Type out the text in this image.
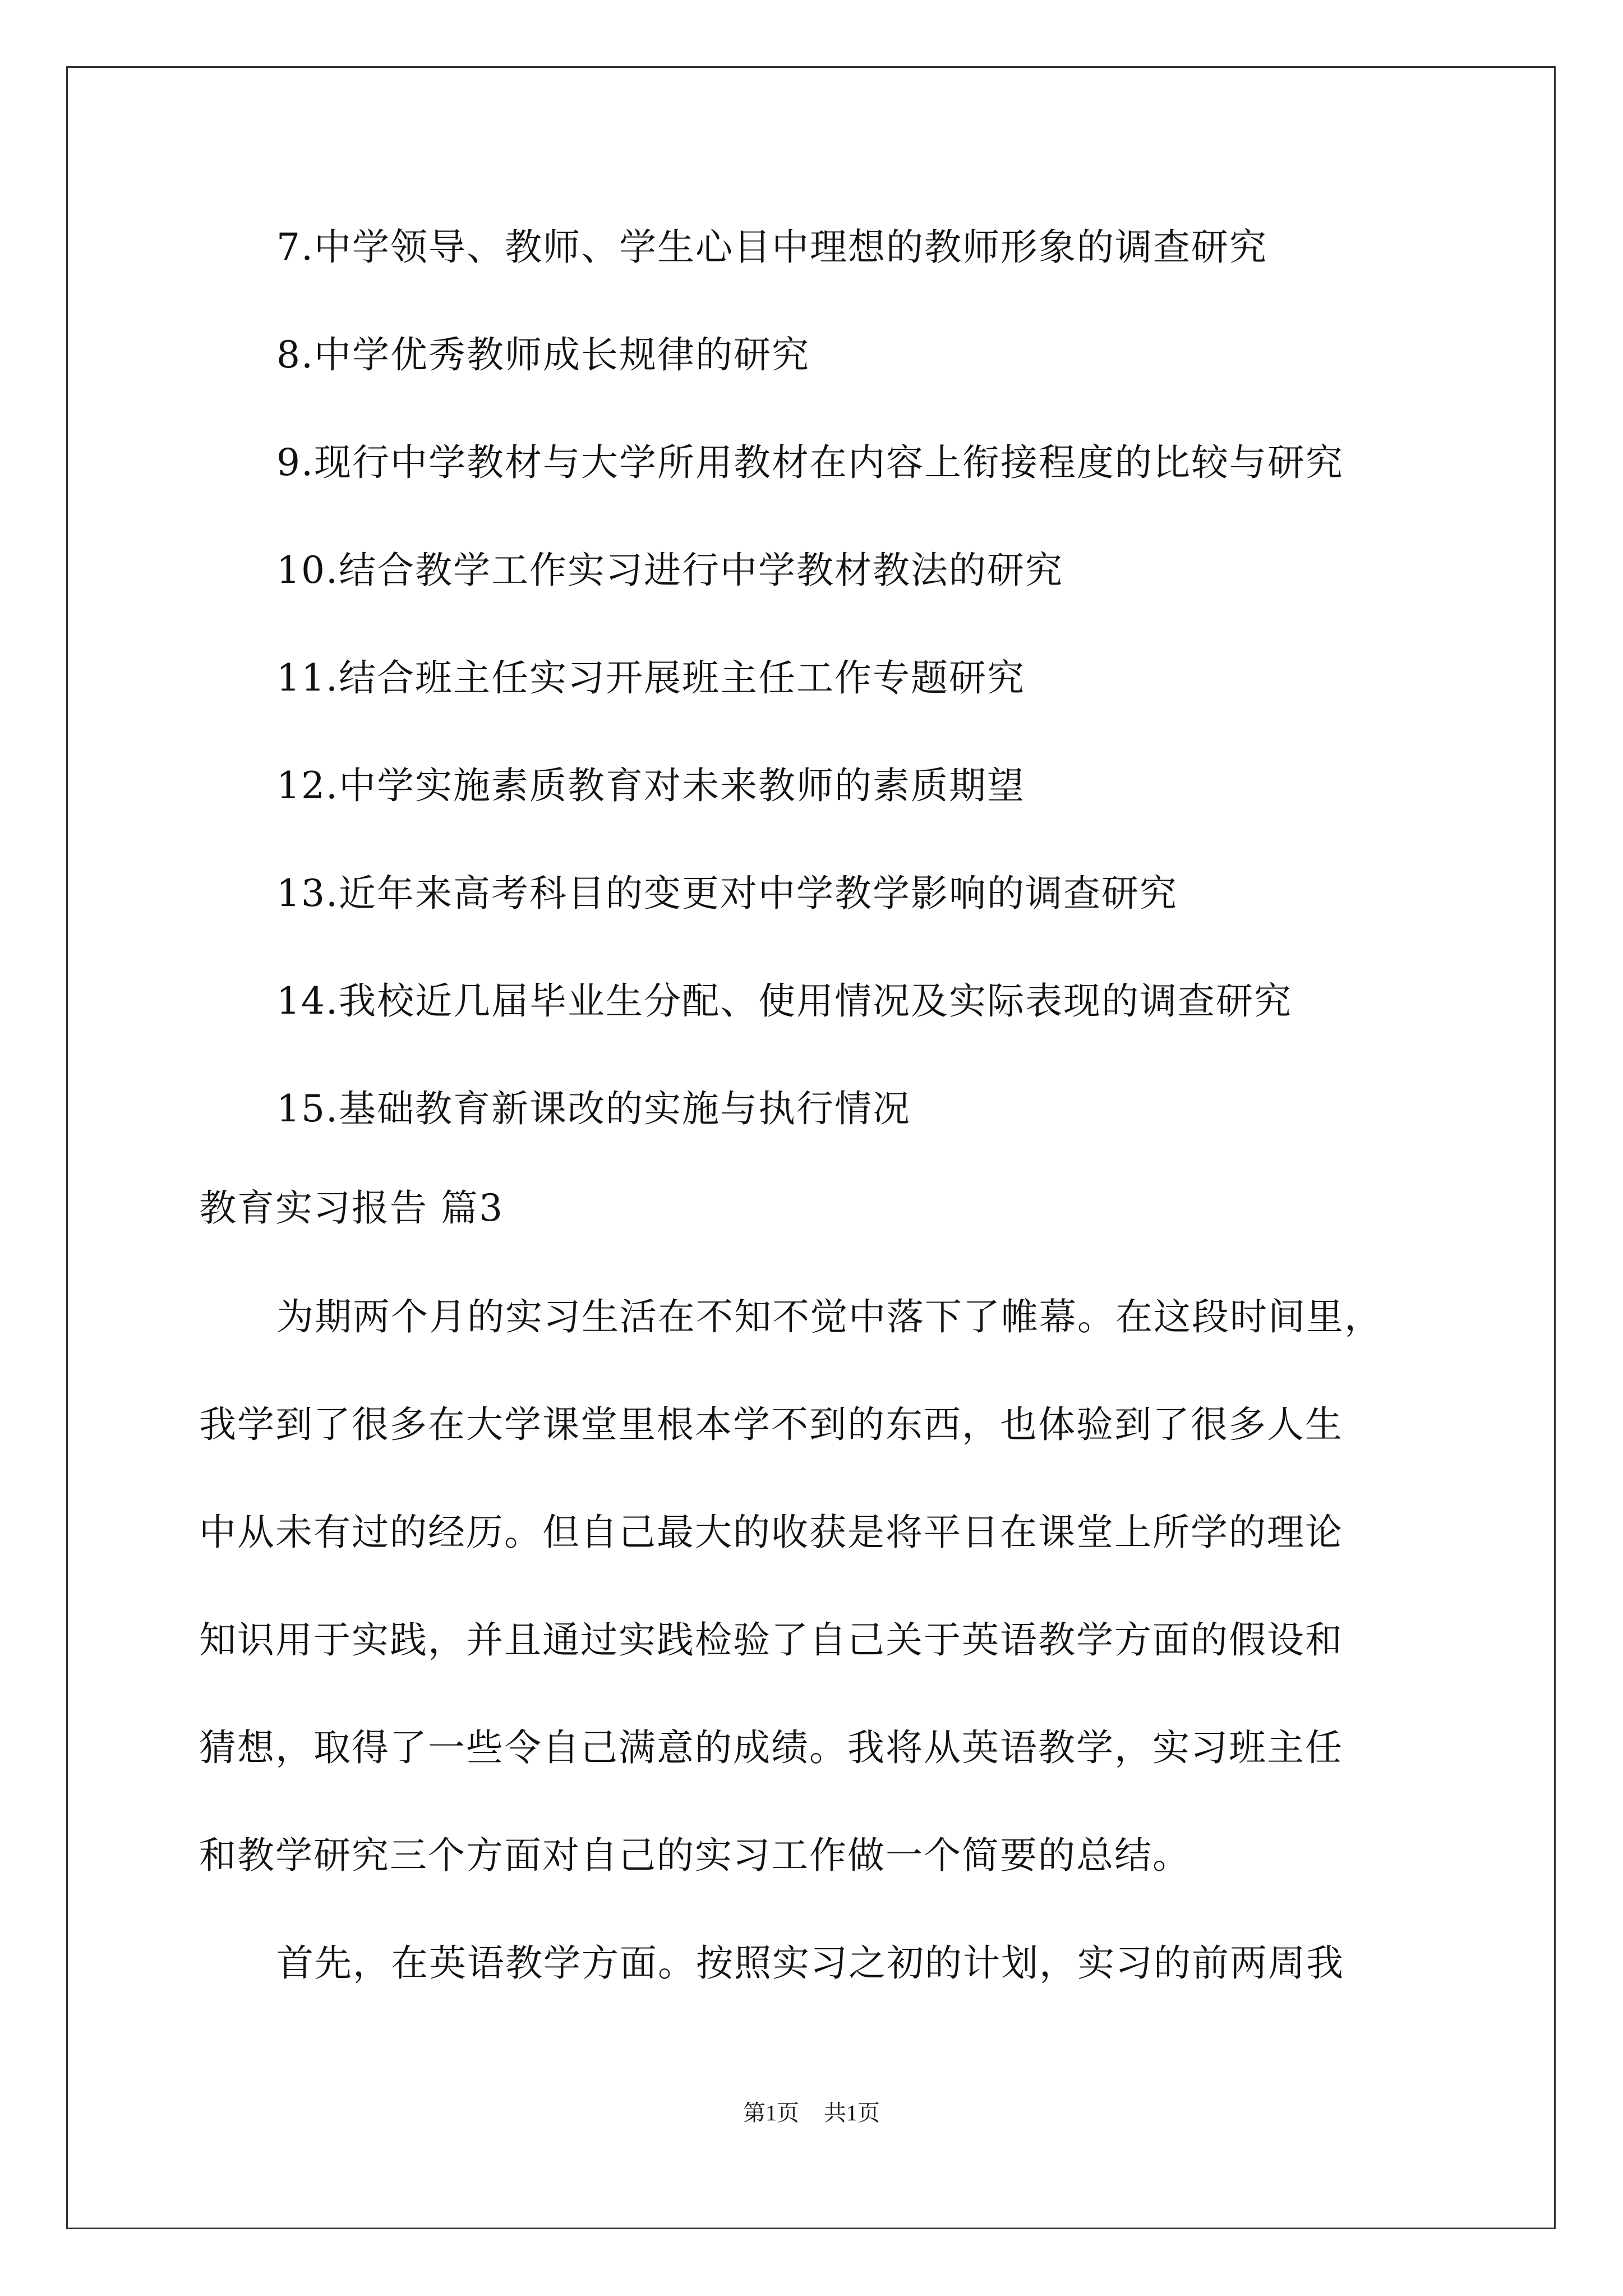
7.中学领导、教师、学生心目中理想的教师形象的调查研究
8.中学优秀教师成长规律的研究
9.现行中学教材与大学所用教材在内容上衔接程度的比较与研究
10.结合教学工作实习进行中学教材教法的研究
11.结合班主任实习开展班主任工作专题研究
12.中学实施素质教育对未来教师的素质期望
13.近年来高考科目的变更对中学教学影响的调查研究
14.我校近几届毕业生分配、使用情况及实际表现的调查研究
15.基础教育新课改的实施与执行情况
教育实习报告 篇3
为期两个月的实习生活在不知不觉中落下了帷幕。在这段时间里，
我学到了很多在大学课堂里根本学不到的东西，也体验到了很多人生
中从未有过的经历。但自己最大的收获是将平日在课堂上所学的理论
知识用于实践，并且通过实践检验了自己关于英语教学方面的假设和
猜想，取得了一些令自己满意的成绩。我将从英语教学，实习班主任
和教学研究三个方面对自己的实习工作做一个简要的总结。
首先，在英语教学方面。按照实习之初的计划，实习的前两周我
第1页 共1页
